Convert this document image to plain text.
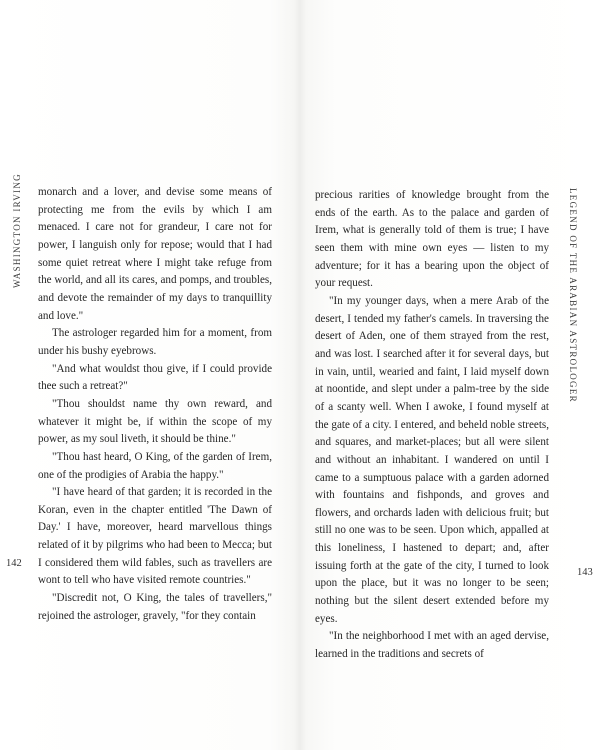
WASHINGTON IRVING monarch and a lover, and devise some means of protecting me from the evils by which I am menaced. I care not for grandeur, I care not for power, I languish only for repose; would that I had some quiet retreat where I might take refuge from the world, and all its cares, and pomps, and troubles, and devote the remainder of my days to tranquillity and love."

The astrologer regarded him for a moment, from under his bushy eyebrows.

"And what wouldst thou give, if I could provide thee such a retreat?"

"Thou shouldst name thy own reward, and whatever it might be, if within the scope of my power, as my soul liveth, it should be thine."

"Thou hast heard, O King, of the garden of Irem, one of the prodigies of Arabia the happy."

"I have heard of that garden; it is recorded in the Koran, even in the chapter entitled 'The Dawn of Day.' I have, moreover, heard marvellous things related of it by pilgrims who had been to Mecca; but I considered them wild fables, such as travellers are wont to tell who have visited remote countries."

"Discredit not, O King, the tales of travellers," rejoined the astrologer, gravely, "for they contain

142

precious rarities of knowledge brought from the ends of the earth. As to the palace and garden of Irem, what is generally told of them is true; I have seen them with mine own eyes — listen to my adventure; for it has a bearing upon the object of your request.

"In my younger days, when a mere Arab of the desert, I tended my father's camels. In traversing the desert of Aden, one of them strayed from the rest, and was lost. I searched after it for several days, but in vain, until, wearied and faint, I laid myself down at noontide, and slept under a palm-tree by the side of a scanty well. When I awoke, I found myself at the gate of a city. I entered, and beheld noble streets, and squares, and market-places; but all were silent and without an inhabitant. I wandered on until I came to a sumptuous palace with a garden adorned with fountains and fishponds, and groves and flowers, and orchards laden with delicious fruit; but still no one was to be seen. Upon which, appalled at this loneliness, I hastened to depart; and, after issuing forth at the gate of the city, I turned to look upon the place, but it was no longer to be seen; nothing but the silent desert extended before my eyes.

"In the neighborhood I met with an aged dervise, learned in the traditions and secrets of

LEGEND OF THE ARABIAN ASTROLOGER
143
